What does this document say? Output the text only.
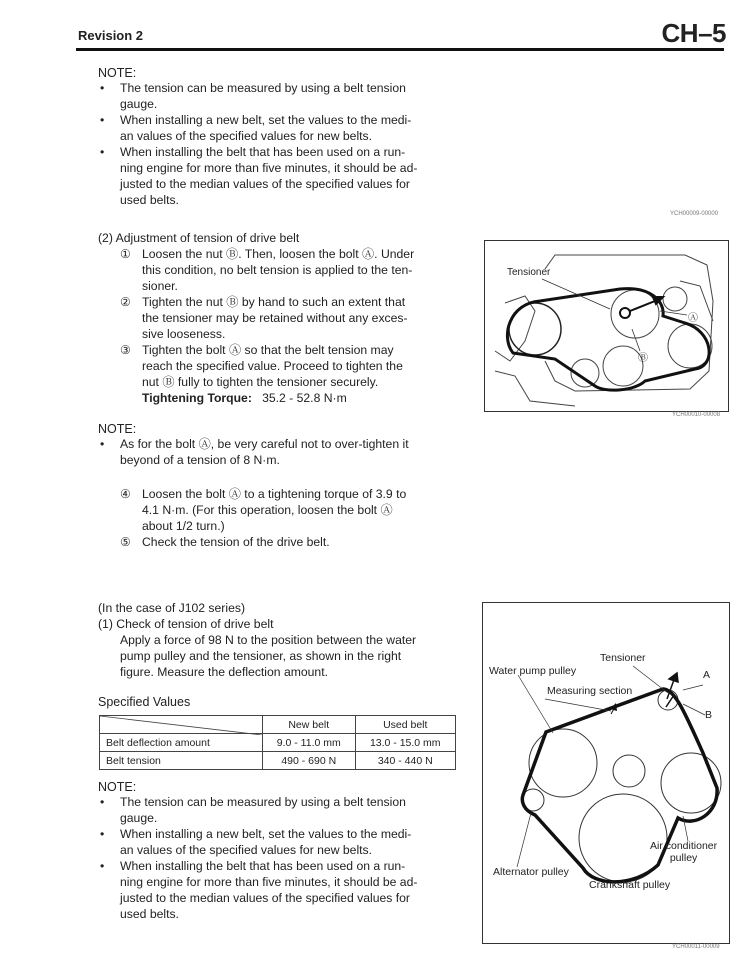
Revision 2	CH–5
NOTE:
• The tension can be measured by using a belt tension
gauge.
• When installing a new belt, set the values to the medi-
an values of the specified values for new belts.
• When installing the belt that has been used on a run-
ning engine for more than five minutes, it should be ad-
justed to the median values of the specified values for
used belts.
YCH00009-00000
(2) Adjustment of tension of drive belt
① Loosen the nut Ⓑ. Then, loosen the bolt Ⓐ. Under
this condition, no belt tension is applied to the ten-
sioner.
② Tighten the nut Ⓑ by hand to such an extent that
the tensioner may be retained without any exces-
sive looseness.
③ Tighten the bolt Ⓐ so that the belt tension may
reach the specified value. Proceed to tighten the
nut Ⓑ fully to tighten the tensioner securely.
Tightening Torque: 35.2 - 52.8 N·m
Tensioner
Ⓐ
Ⓑ
YCH00010-00008
NOTE:
• As for the bolt Ⓐ, be very careful not to over-tighten it
beyond of a tension of 8 N·m.
④ Loosen the bolt Ⓐ to a tightening torque of 3.9 to
4.1 N·m. (For this operation, loosen the bolt Ⓐ
about 1/2 turn.)
⑤ Check the tension of the drive belt.
(In the case of J102 series)
(1) Check of tension of drive belt
Apply a force of 98 N to the position between the water
pump pulley and the tensioner, as shown in the right
figure. Measure the deflection amount.
Specified Values
	New belt	Used belt
Belt deflection amount	9.0 - 11.0 mm	13.0 - 15.0 mm
Belt tension	490 - 690 N	340 - 440 N
NOTE:
• The tension can be measured by using a belt tension
gauge.
• When installing a new belt, set the values to the medi-
an values of the specified values for new belts.
• When installing the belt that has been used on a run-
ning engine for more than five minutes, it should be ad-
justed to the median values of the specified values for
used belts.
Tensioner
Water pump pulley
Measuring section
A
B
Air conditioner
pulley
Alternator pulley
Crankshaft pulley
YCH00011-00009
